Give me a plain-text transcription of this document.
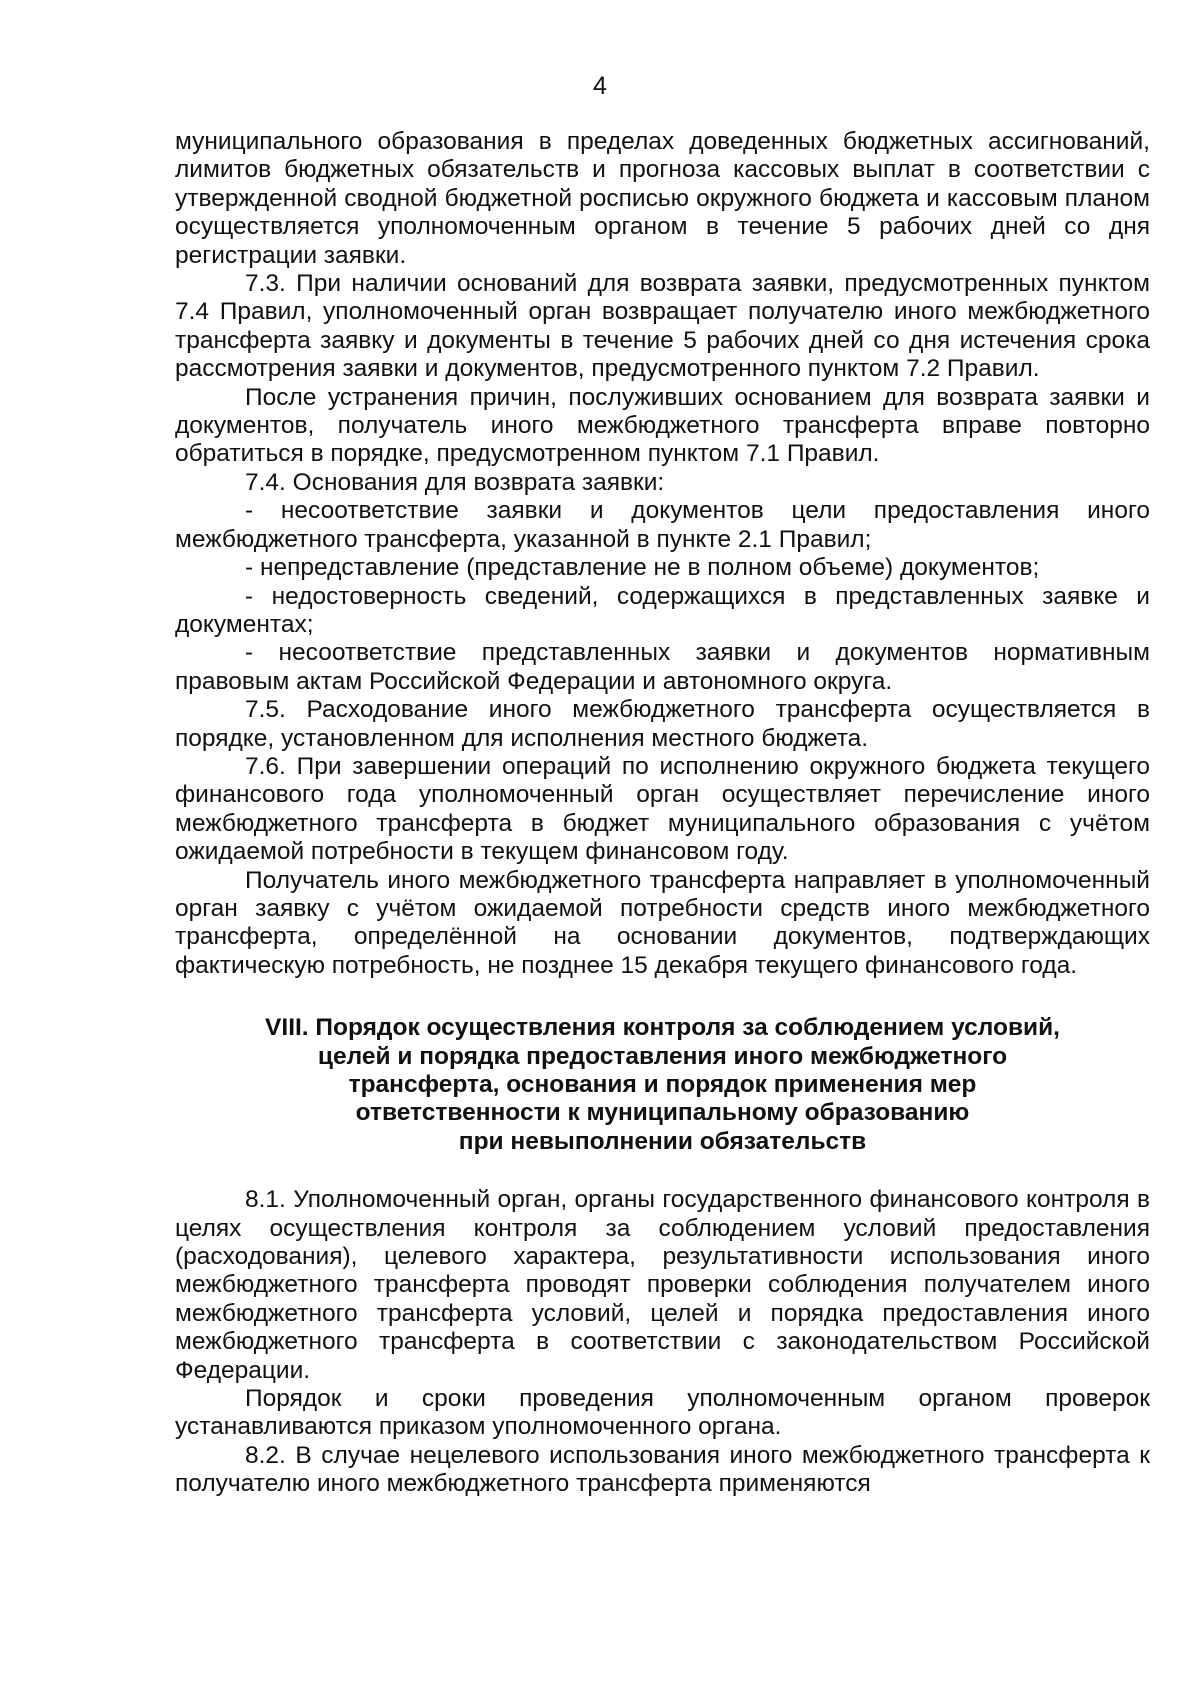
4

муниципального образования в пределах доведенных бюджетных ассигнований, лимитов бюджетных обязательств и прогноза кассовых выплат в соответствии с утвержденной сводной бюджетной росписью окружного бюджета и кассовым планом осуществляется уполномоченным органом в течение 5 рабочих дней со дня регистрации заявки.

7.3. При наличии оснований для возврата заявки, предусмотренных пунктом 7.4 Правил, уполномоченный орган возвращает получателю иного межбюджетного трансферта заявку и документы в течение 5 рабочих дней со дня истечения срока рассмотрения заявки и документов, предусмотренного пунктом 7.2 Правил.

После устранения причин, послуживших основанием для возврата заявки и документов, получатель иного межбюджетного трансферта вправе повторно обратиться в порядке, предусмотренном пунктом 7.1 Правил.

7.4. Основания для возврата заявки:

- несоответствие заявки и документов цели предоставления иного межбюджетного трансферта, указанной в пункте 2.1 Правил;

- непредставление (представление не в полном объеме) документов;

- недостоверность сведений, содержащихся в представленных заявке и документах;

- несоответствие представленных заявки и документов нормативным правовым актам Российской Федерации и автономного округа.

7.5. Расходование иного межбюджетного трансферта осуществляется в порядке, установленном для исполнения местного бюджета.

7.6. При завершении операций по исполнению окружного бюджета текущего финансового года уполномоченный орган осуществляет перечисление иного межбюджетного трансферта в бюджет муниципального образования с учётом ожидаемой потребности в текущем финансовом году.

Получатель иного межбюджетного трансферта направляет в уполномоченный орган заявку с учётом ожидаемой потребности средств иного межбюджетного трансферта, определённой на основании документов, подтверждающих фактическую потребность, не позднее 15 декабря текущего финансового года.

VIII. Порядок осуществления контроля за соблюдением условий,
целей и порядка предоставления иного межбюджетного
трансферта, основания и порядок применения мер
ответственности к муниципальному образованию
при невыполнении обязательств

8.1. Уполномоченный орган, органы государственного финансового контроля в целях осуществления контроля за соблюдением условий предоставления (расходования), целевого характера, результативности использования иного межбюджетного трансферта проводят проверки соблюдения получателем иного межбюджетного трансферта условий, целей и порядка предоставления иного межбюджетного трансферта в соответствии с законодательством Российской Федерации.

Порядок и сроки проведения уполномоченным органом проверок устанавливаются приказом уполномоченного органа.

8.2. В случае нецелевого использования иного межбюджетного трансферта к получателю иного межбюджетного трансферта применяются
